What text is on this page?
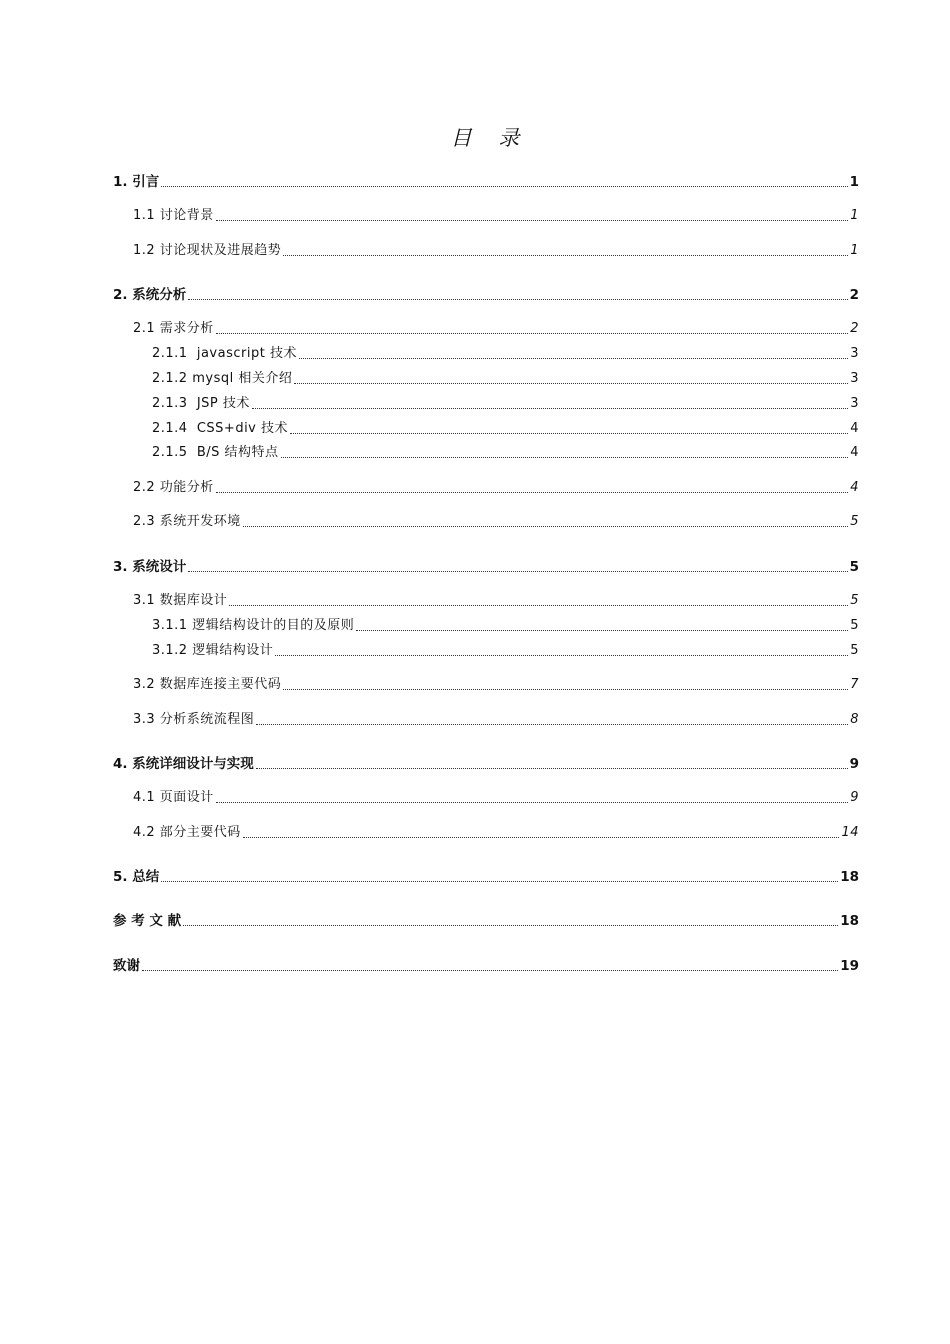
目 录
1. 引言	1
1.1 讨论背景	1
1.2 讨论现状及进展趋势	1
2. 系统分析	2
2.1 需求分析	2
2.1.1  javascript 技术	3
2.1.2 mysql 相关介绍	3
2.1.3  JSP 技术	3
2.1.4  CSS+div 技术	4
2.1.5  B/S 结构特点	4
2.2 功能分析	4
2.3 系统开发环境	5
3. 系统设计	5
3.1 数据库设计	5
3.1.1 逻辑结构设计的目的及原则	5
3.1.2 逻辑结构设计	5
3.2 数据库连接主要代码	7
3.3 分析系统流程图	8
4. 系统详细设计与实现	9
4.1 页面设计	9
4.2 部分主要代码	14
5. 总结	18
参 考 文 献	18
致谢	19
